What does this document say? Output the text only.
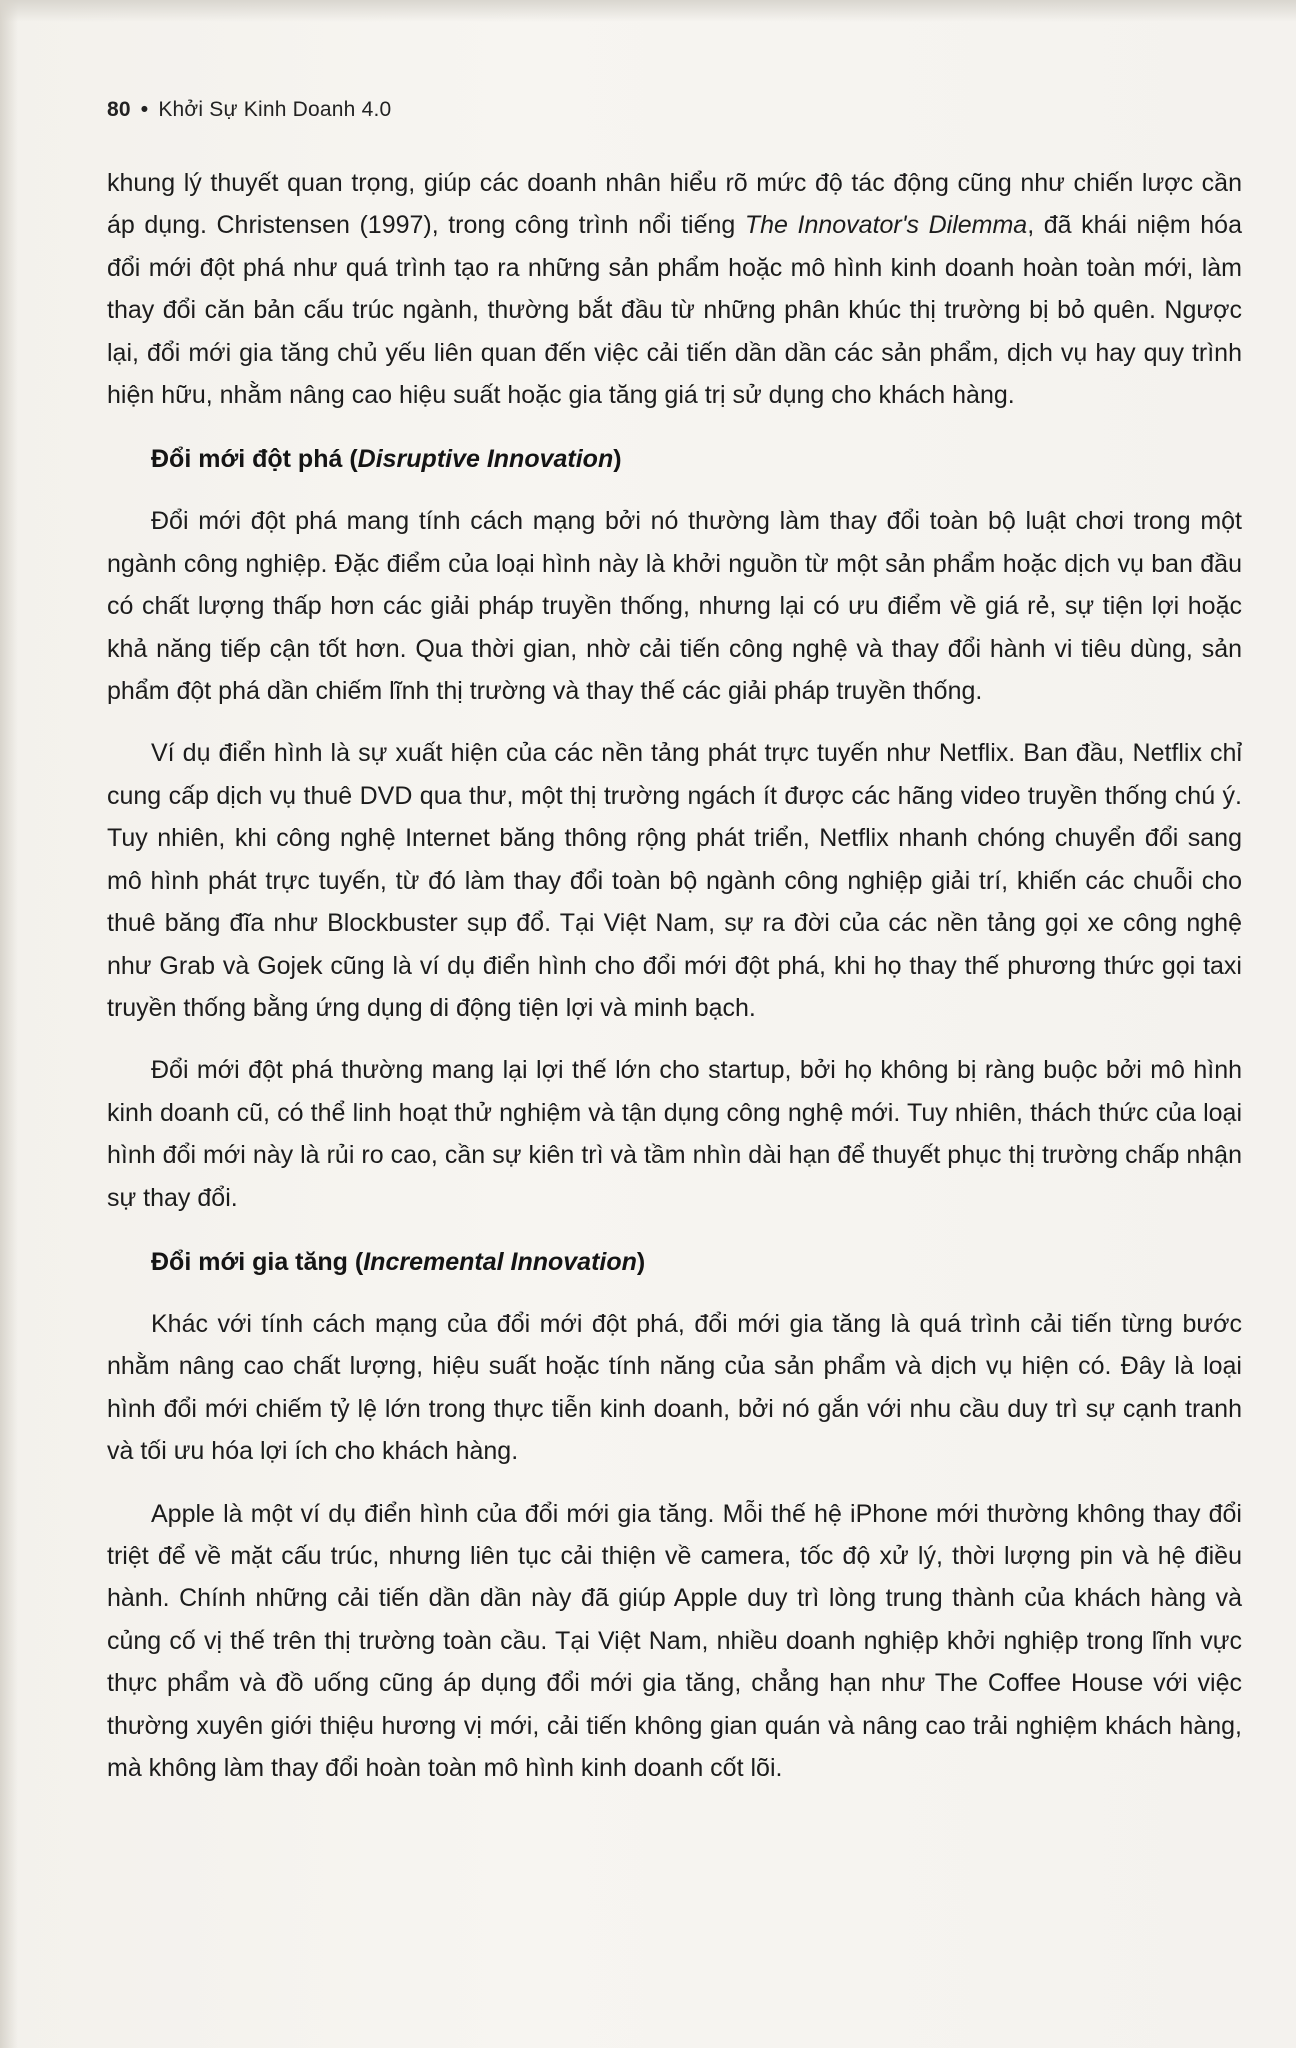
80 • Khởi Sự Kinh Doanh 4.0

khung lý thuyết quan trọng, giúp các doanh nhân hiểu rõ mức độ tác động cũng như chiến lược cần áp dụng. Christensen (1997), trong công trình nổi tiếng The Innovator's Dilemma, đã khái niệm hóa đổi mới đột phá như quá trình tạo ra những sản phẩm hoặc mô hình kinh doanh hoàn toàn mới, làm thay đổi căn bản cấu trúc ngành, thường bắt đầu từ những phân khúc thị trường bị bỏ quên. Ngược lại, đổi mới gia tăng chủ yếu liên quan đến việc cải tiến dần dần các sản phẩm, dịch vụ hay quy trình hiện hữu, nhằm nâng cao hiệu suất hoặc gia tăng giá trị sử dụng cho khách hàng.

Đổi mới đột phá (Disruptive Innovation)

Đổi mới đột phá mang tính cách mạng bởi nó thường làm thay đổi toàn bộ luật chơi trong một ngành công nghiệp. Đặc điểm của loại hình này là khởi nguồn từ một sản phẩm hoặc dịch vụ ban đầu có chất lượng thấp hơn các giải pháp truyền thống, nhưng lại có ưu điểm về giá rẻ, sự tiện lợi hoặc khả năng tiếp cận tốt hơn. Qua thời gian, nhờ cải tiến công nghệ và thay đổi hành vi tiêu dùng, sản phẩm đột phá dần chiếm lĩnh thị trường và thay thế các giải pháp truyền thống.

Ví dụ điển hình là sự xuất hiện của các nền tảng phát trực tuyến như Netflix. Ban đầu, Netflix chỉ cung cấp dịch vụ thuê DVD qua thư, một thị trường ngách ít được các hãng video truyền thống chú ý. Tuy nhiên, khi công nghệ Internet băng thông rộng phát triển, Netflix nhanh chóng chuyển đổi sang mô hình phát trực tuyến, từ đó làm thay đổi toàn bộ ngành công nghiệp giải trí, khiến các chuỗi cho thuê băng đĩa như Blockbuster sụp đổ. Tại Việt Nam, sự ra đời của các nền tảng gọi xe công nghệ như Grab và Gojek cũng là ví dụ điển hình cho đổi mới đột phá, khi họ thay thế phương thức gọi taxi truyền thống bằng ứng dụng di động tiện lợi và minh bạch.

Đổi mới đột phá thường mang lại lợi thế lớn cho startup, bởi họ không bị ràng buộc bởi mô hình kinh doanh cũ, có thể linh hoạt thử nghiệm và tận dụng công nghệ mới. Tuy nhiên, thách thức của loại hình đổi mới này là rủi ro cao, cần sự kiên trì và tầm nhìn dài hạn để thuyết phục thị trường chấp nhận sự thay đổi.

Đổi mới gia tăng (Incremental Innovation)

Khác với tính cách mạng của đổi mới đột phá, đổi mới gia tăng là quá trình cải tiến từng bước nhằm nâng cao chất lượng, hiệu suất hoặc tính năng của sản phẩm và dịch vụ hiện có. Đây là loại hình đổi mới chiếm tỷ lệ lớn trong thực tiễn kinh doanh, bởi nó gắn với nhu cầu duy trì sự cạnh tranh và tối ưu hóa lợi ích cho khách hàng.

Apple là một ví dụ điển hình của đổi mới gia tăng. Mỗi thế hệ iPhone mới thường không thay đổi triệt để về mặt cấu trúc, nhưng liên tục cải thiện về camera, tốc độ xử lý, thời lượng pin và hệ điều hành. Chính những cải tiến dần dần này đã giúp Apple duy trì lòng trung thành của khách hàng và củng cố vị thế trên thị trường toàn cầu. Tại Việt Nam, nhiều doanh nghiệp khởi nghiệp trong lĩnh vực thực phẩm và đồ uống cũng áp dụng đổi mới gia tăng, chẳng hạn như The Coffee House với việc thường xuyên giới thiệu hương vị mới, cải tiến không gian quán và nâng cao trải nghiệm khách hàng, mà không làm thay đổi hoàn toàn mô hình kinh doanh cốt lõi.
